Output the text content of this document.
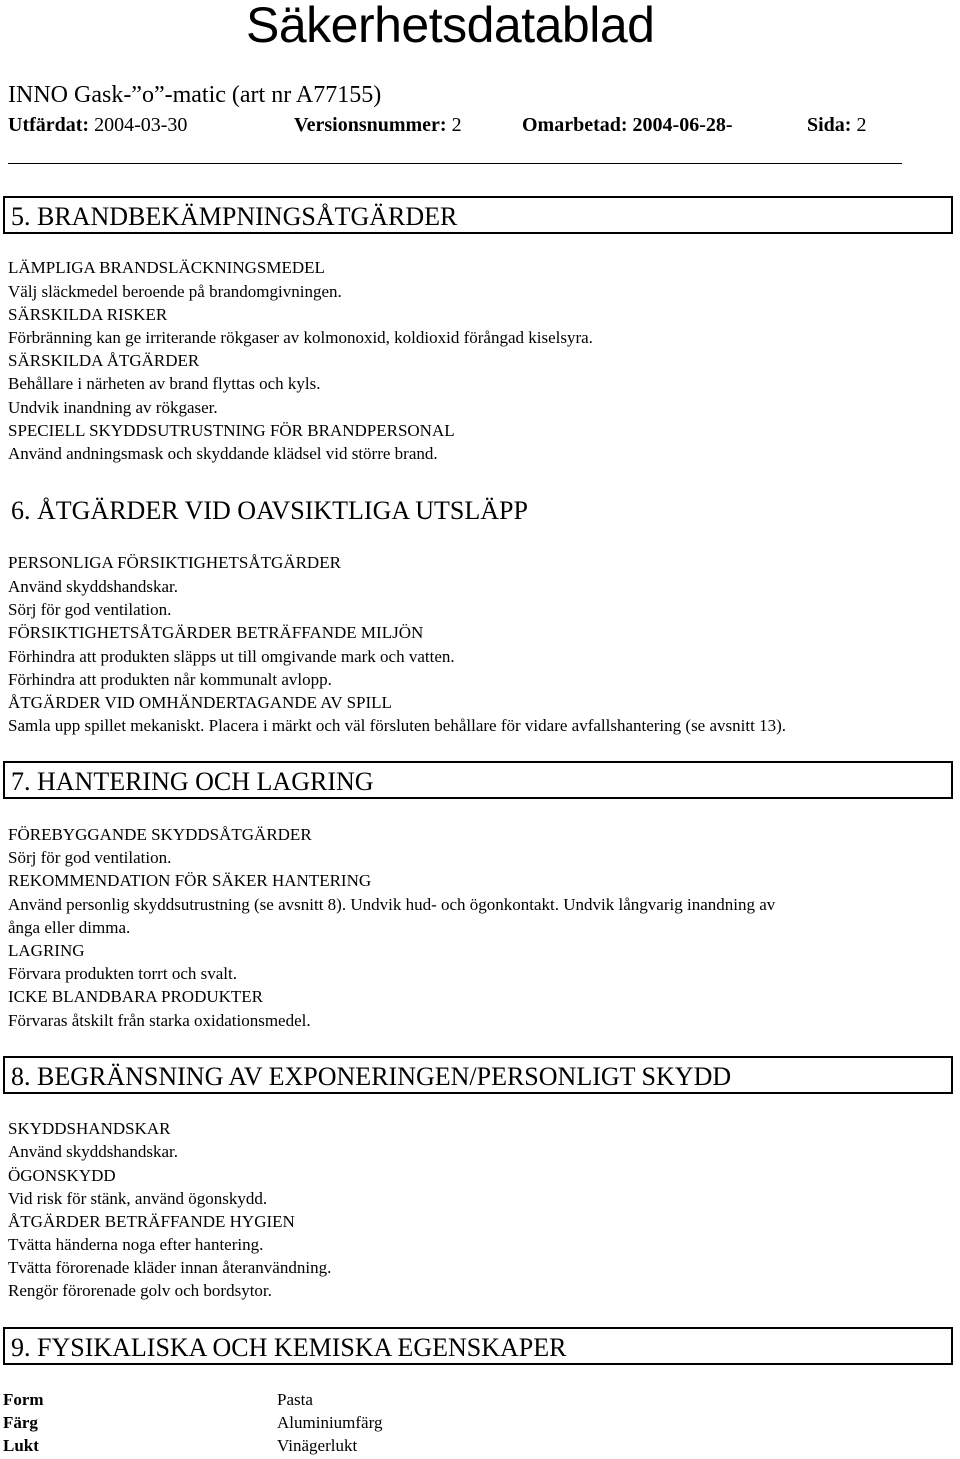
Säkerhetsdatablad
INNO Gask-”o”-matic (art nr A77155)
Utfärdat: 2004-03-30	Versionsnummer: 2	Omarbetad: 2004-06-28-	Sida: 2
5. BRANDBEKÄMPNINGSÅTGÄRDER
LÄMPLIGA BRANDSLÄCKNINGSMEDEL
Välj släckmedel beroende på brandomgivningen.
SÄRSKILDA RISKER
Förbränning kan ge irriterande rökgaser av kolmonoxid, koldioxid förångad kiselsyra.
SÄRSKILDA ÅTGÄRDER
Behållare i närheten av brand flyttas och kyls.
Undvik inandning av rökgaser.
SPECIELL SKYDDSUTRUSTNING FÖR BRANDPERSONAL
Använd andningsmask och skyddande klädsel vid större brand.
6. ÅTGÄRDER VID OAVSIKTLIGA UTSLÄPP
PERSONLIGA FÖRSIKTIGHETSÅTGÄRDER
Använd skyddshandskar.
Sörj för god ventilation.
FÖRSIKTIGHETSÅTGÄRDER BETRÄFFANDE MILJÖN
Förhindra att produkten släpps ut till omgivande mark och vatten.
Förhindra att produkten når kommunalt avlopp.
ÅTGÄRDER VID OMHÄNDERTAGANDE AV SPILL
Samla upp spillet mekaniskt. Placera i märkt och väl försluten behållare för vidare avfallshantering (se avsnitt 13).
7. HANTERING OCH LAGRING
FÖREBYGGANDE SKYDDSÅTGÄRDER
Sörj för god ventilation.
REKOMMENDATION FÖR SÄKER HANTERING
Använd personlig skyddsutrustning (se avsnitt 8). Undvik hud- och ögonkontakt. Undvik långvarig inandning av
ånga eller dimma.
LAGRING
Förvara produkten torrt och svalt.
ICKE BLANDBARA PRODUKTER
Förvaras åtskilt från starka oxidationsmedel.
8. BEGRÄNSNING AV EXPONERINGEN/PERSONLIGT SKYDD
SKYDDSHANDSKAR
Använd skyddshandskar.
ÖGONSKYDD
Vid risk för stänk, använd ögonskydd.
ÅTGÄRDER BETRÄFFANDE HYGIEN
Tvätta händerna noga efter hantering.
Tvätta förorenade kläder innan återanvändning.
Rengör förorenade golv och bordsytor.
9. FYSIKALISKA OCH KEMISKA EGENSKAPER
Form	Pasta
Färg	Aluminiumfärg
Lukt	Vinägerlukt
